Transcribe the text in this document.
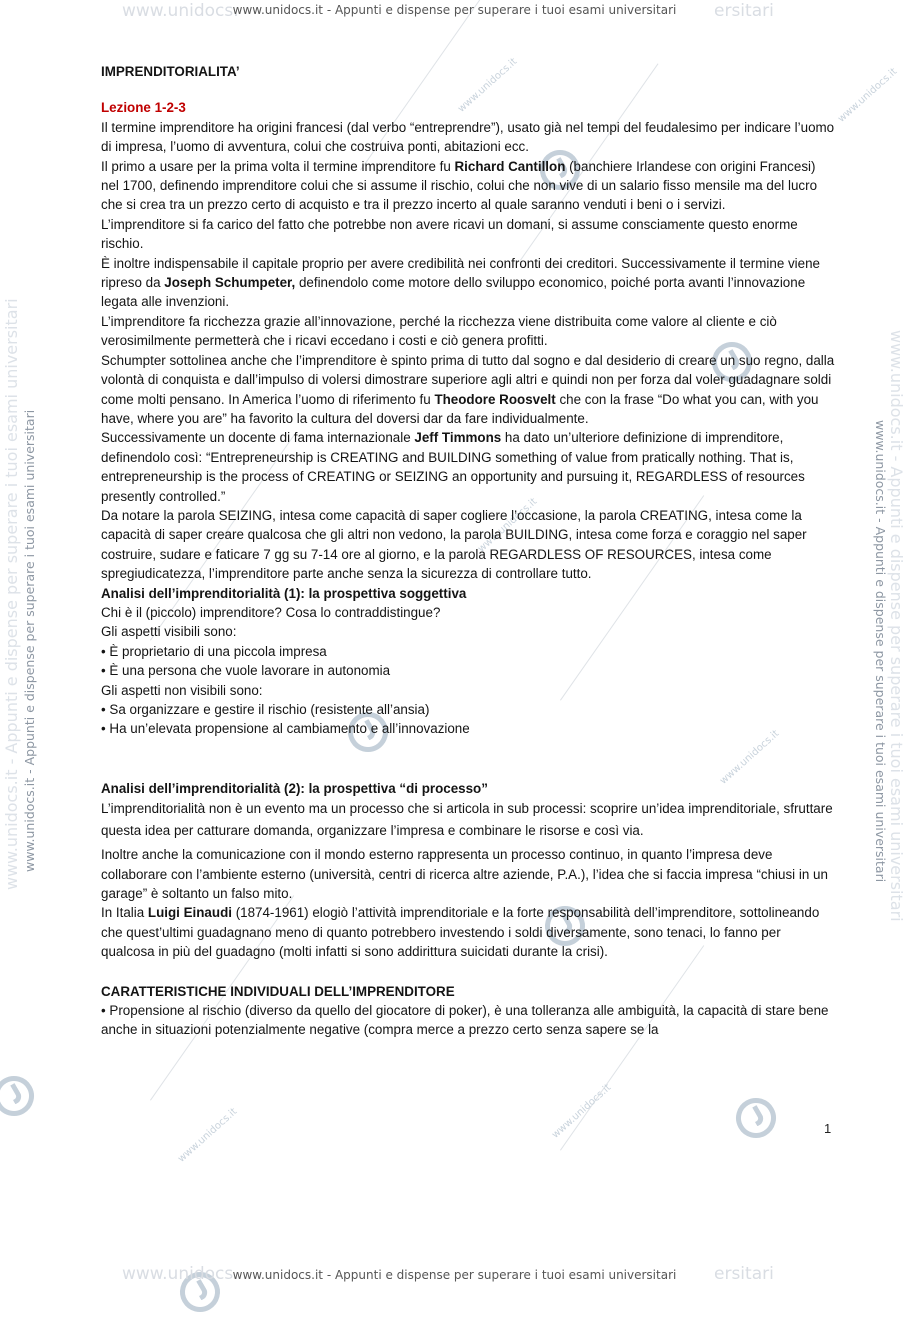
www.unidocs.it	www.unidocs.it
www.unidocs.it
www.unidocs.it
www.unidocs.it
www.unidocs.it
www.unidocs.	ersitari
www.unidocs.it - Appunti e dispense per superare i tuoi esami universitari
www.unidocs.	ersitari
www.unidocs.it - Appunti e dispense per superare i tuoi esami universitari
www.unidocs.it - Appunti e dispense per superare i tuoi esami universitari www.unidocs.it - Appunti e dispense per superare i tuoi esami universitari	www.unidocs.it - Appunti e dispense per superare i tuoi esami universitari
www.unidocs.it - Appunti e dispense per superare i tuoi esami universitari

IMPRENDITORIALITA’

Lezione 1-2-3

Il termine imprenditore ha origini francesi (dal verbo “entreprendre”), usato già nel tempi del feudalesimo per indicare l’uomo di impresa, l’uomo di avventura, colui che costruiva ponti, abitazioni ecc.

Il primo a usare per la prima volta il termine imprenditore fu Richard Cantillon (banchiere Irlandese con origini Francesi) nel 1700, definendo imprenditore colui che si assume il rischio, colui che non vive di un salario fisso mensile ma del lucro che si crea tra un prezzo certo di acquisto e tra il prezzo incerto al quale saranno venduti i beni o i servizi.

L’imprenditore si fa carico del fatto che potrebbe non avere ricavi un domani, si assume consciamente questo enorme rischio.

È inoltre indispensabile il capitale proprio per avere credibilità nei confronti dei creditori. Successivamente il termine viene ripreso da Joseph Schumpeter, definendolo come motore dello sviluppo economico, poiché porta avanti l’innovazione legata alle invenzioni.

L’imprenditore fa ricchezza grazie all’innovazione, perché la ricchezza viene distribuita come valore al cliente e ciò verosimilmente permetterà che i ricavi eccedano i costi e ciò genera profitti.

Schumpter sottolinea anche che l’imprenditore è spinto prima di tutto dal sogno e dal desiderio di creare un suo regno, dalla volontà di conquista e dall’impulso di volersi dimostrare superiore agli altri e quindi non per forza dal voler guadagnare soldi come molti pensano. In America l’uomo di riferimento fu Theodore Roosvelt che con la frase “Do what you can, with you have, where you are” ha favorito la cultura del doversi dar da fare individualmente.

Successivamente un docente di fama internazionale Jeff Timmons ha dato un’ulteriore definizione di imprenditore, definendolo così: “Entrepreneurship is CREATING and BUILDING something of value from pratically nothing. That is, entrepreneurship is the process of CREATING or SEIZING an opportunity and pursuing it, REGARDLESS of resources presently controlled.”

Da notare la parola SEIZING, intesa come capacità di saper cogliere l’occasione, la parola CREATING, intesa come la capacità di saper creare qualcosa che gli altri non vedono, la parola BUILDING, intesa come forza e coraggio nel saper costruire, sudare e faticare 7 gg su 7-14 ore al giorno, e la parola REGARDLESS OF RESOURCES, intesa come spregiudicatezza, l’imprenditore parte anche senza la sicurezza di controllare tutto.

Analisi dell’imprenditorialità (1): la prospettiva soggettiva

Chi è il (piccolo) imprenditore? Cosa lo contraddistingue?

Gli aspetti visibili sono:

• È proprietario di una piccola impresa

• È una persona che vuole lavorare in autonomia

Gli aspetti non visibili sono:

• Sa organizzare e gestire il rischio (resistente all’ansia)

• Ha un’elevata propensione al cambiamento e all’innovazione

Analisi dell’imprenditorialità (2): la prospettiva “di processo”

L’imprenditorialità non è un evento ma un processo che si articola in sub processi: scoprire un’idea imprenditoriale, sfruttare questa idea per catturare domanda, organizzare l’impresa e combinare le risorse e così via.

Inoltre anche la comunicazione con il mondo esterno rappresenta un processo continuo, in quanto l’impresa deve collaborare con l’ambiente esterno (università, centri di ricerca altre aziende, P.A.), l’idea che si faccia impresa “chiusi in un garage” è soltanto un falso mito.

In Italia Luigi Einaudi (1874-1961) elogiò l’attività imprenditoriale e la forte responsabilità dell’imprenditore, sottolineando che quest’ultimi guadagnano meno di quanto potrebbero investendo i soldi diversamente, sono tenaci, lo fanno per qualcosa in più del guadagno (molti infatti si sono addirittura suicidati durante la crisi).

CARATTERISTICHE INDIVIDUALI DELL’IMPRENDITORE

• Propensione al rischio (diverso da quello del giocatore di poker), è una tolleranza alle ambiguità, la capacità di stare bene anche in situazioni potenzialmente negative (compra merce a prezzo certo senza sapere se la

1
